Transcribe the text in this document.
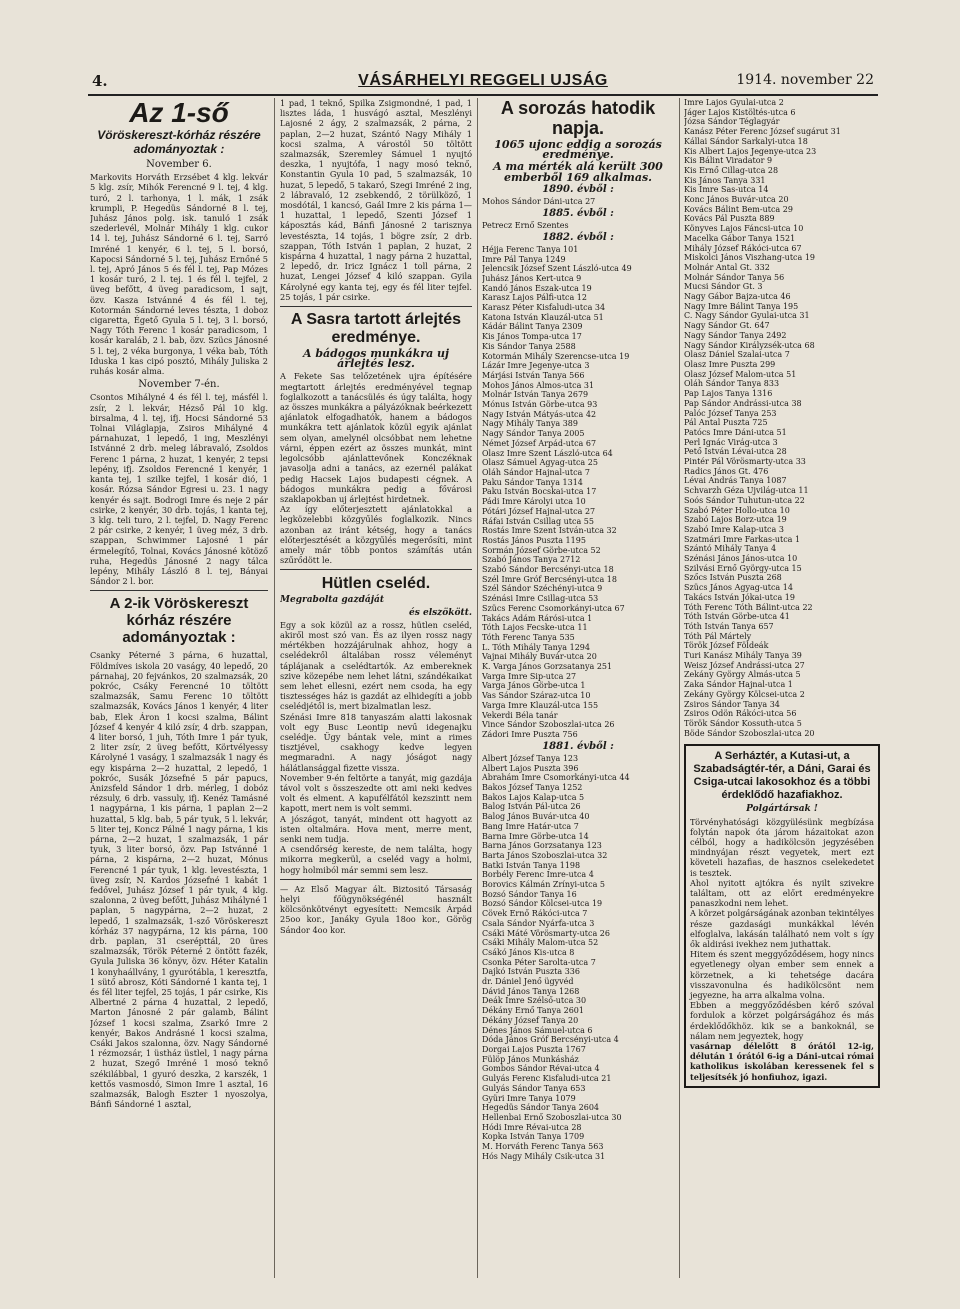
4.	VÁSÁRHELYI REGGELI UJSÁG	1914. november 22
Az 1-ső
Vöröskereszt-kórház részére adományoztak :
November 6.

Markovits Horváth Erzsébet 4 klg. lekvár 5 klg. zsír, Mihók Ferencné 9 l. tej, 4 klg. turó, 2 l. tarhonya, 1 l. mák, 1 zsák krumpli, P. Hegedüs Sándorné 8 l. tej, Juhász János polg. isk. tanuló 1 zsák szederlevél, Molnár Mihály 1 klg. cukor 14 l. tej, Juhász Sándorné 6 l. tej, Sarró Imréné 1 kenyér, 6 l. tej, 5 l. borsó, Kapocsi Sándorné 5 l. tej, Juhász Ernőné 5 l. tej, Apró János 5 és fél l. tej, Pap Mózes 1 kosár turó, 2 l. tej. 1 és fél l. tejfel, 2 üveg befőtt, 4 üveg paradicsom, 1 sajt, özv. Kasza Istvánné 4 és fél l. tej, Kotormán Sándorné leves tészta, 1 doboz cigaretta, Égető Gyula 5 l. tej, 3 l. borsó, Nagy Tóth Ferenc 1 kosár paradicsom, 1 kosár karaláb, 2 l. bab, özv. Szücs Jánosné 5 l. tej, 2 véka burgonya, 1 véka bab, Tóth Iduska 1 kas cipó posztó, Mihály Juliska 2 ruhás kosár alma.

November 7-én.

Csontos Mihályné 4 és fél l. tej, másfél l. zsír, 2 l. lekvár, Hézső Pál 10 klg. birsalma, 4 l. tej, ifj. Hocsi Sándorné 53 Tolnai Világlapja, Zsiros Mihályné 4 párnahuzat, 1 lepedő, 1 ing, Meszlényi Istvánné 2 drb. meleg lábravaló, Zsoldos Ferenc 1 párna, 2 huzat, 1 kenyér, 2 tepsi lepény, ifj. Zsoldos Ferencné 1 kenyér, 1 kanta tej, 1 szilke tejfel, 1 kosár dió, 1 kosár. Rózsa Sándor Egresi u. 23. 1 nagy kenyér és sajt. Bodrogi Imre és neje 2 pár csirke, 2 kenyér, 30 drb. tojás, 1 kanta tej, 3 klg. teli turo, 2 l. tejfel, D. Nagy Ferenc 2 pár csirke, 2 kenyér, 1 üveg méz, 3 drb. szappan, Schwimmer Lajosné 1 pár érmelegítő, Tolnai, Kovács Jánosné kötöző ruha, Hegedüs Jánosné 2 nagy tálca lepény, Mihály László 8 l. tej, Bányai Sándor 2 l. bor.

A 2-ik Vöröskereszt kórház részére adományoztak :

Csanky Péterné 3 párna, 6 huzattal, Földmíves iskola 20 vaságy, 40 lepedő, 20 párnahaj, 20 fejvánkos, 20 szalmazsák, 20 pokróc, Csáky Ferencné 10 töltött szalmazsák, Samu Ferenc 10 töltött szalmazsák, Kovács János 1 kenyér, 4 liter bab, Elek Áron 1 kocsi szalma, Bálint József 4 kenyér 4 kiló zsír, 4 drb. szappan, 4 liter borsó, 1 juh, Tóth Imre 1 pár tyuk, 2 liter zsír, 2 üveg befőtt, Körtvélyessy Károlyné 1 vaságy, 1 szalmazsák 1 nagy és egy kispárna 2—2 huzattal, 2 lepedő, 1 pokróc, Susák Józsefné 5 pár papucs, Ánizsfeld Sándor 1 drb. mérleg, 1 dobóz rézsuly, 6 drb. vassuly, ifj. Kenéz Tamásné 1 nagypárna, 1 kis párna, 1 paplan 2—2 huzattal, 5 klg. bab, 5 pár tyuk, 5 l. lekvár, 5 liter tej, Koncz Pálné 1 nagy párna, 1 kis párna, 2—2 huzat, 1 szalmazsák, 1 pár tyuk, 3 liter borsó, özv. Pap Istvánné 1 párna, 2 kispárna, 2—2 huzat, Mónus Ferencné 1 pár tyuk, 1 klg. levestészta, 1 üveg zsír, N. Kardos Józsefné 1 kabát 1 fedővel, Juhász József 1 pár tyuk, 4 klg. szalonna, 2 üveg befőtt, Juhász Mihályné 1 paplan, 5 nagypárna, 2—2 huzat, 2 lepedő, 1 szalmazsák, 1-sző Vöröskereszt kórház 37 nagypárna, 12 kis párna, 100 drb. paplan, 31 cserépttál, 20 üres szalmazsák, Török Péterné 2 öntött fazék, Gyula Juliska 36 könyv, özv. Héter Katalin 1 konyhaállvány, 1 gyurótábla, 1 keresztfa, 1 sütő abrosz, Kóti Sándorné 1 kanta tej, 1 és fél liter tejfel, 25 tojás, 1 pár csirke, Kis Albertné 2 párna 4 huzattal, 2 lepedő, Marton Jánosné 2 pár galamb, Bálint József 1 kocsi szalma, Zsarkó Imre 2 kenyér, Bakos Andrásné 1 kocsi szalma, Csáki Jakos szalonna, özv. Nagy Sándorné 1 rézmozsár, 1 üstház üstlel, 1 nagy párna 2 huzat, Szegő Imréné 1 mosó teknő székilábbal, 1 gyuró deszka, 2 karszék, 1 kettős vasmosdó, Simon Imre 1 asztal, 16 szalmazsák, Balogh Eszter 1 nyoszolya, Bánfi Sándorné 1 asztal,

1 pad, 1 teknő, Spilka Zsigmondné, 1 pad, 1 lisztes láda, 1 husvágó asztal, Meszlényi Lajosné 2 ágy, 2 szalmazsák, 2 párna, 2 paplan, 2—2 huzat, Szántó Nagy Mihály 1 kocsi szalma, A várostól 50 töltött szalmazsák, Szeremley Sámuel 1 nyujtó deszka, 1 nyujtófa, 1 nagy mosó teknő, Konstantin Gyula 10 pad, 5 szalmazsák, 10 huzat, 5 lepedő, 5 takaró, Szegi Imréné 2 ing, 2 lábravaló, 12 zsebkendő, 2 törülköző, 1 mosdótál, 1 kancsó, Gaál Imre 2 kis párna 1—1 huzattal, 1 lepedő, Szenti József 1 káposztás kád, Bánfi Jánosné 2 tarisznya levestészta, 14 tojás, 1 bögre zsír, 2 drb. szappan, Tóth István 1 paplan, 2 huzat, 2 kispárna 4 huzattal, 1 nagy párna 2 huzattal, 2 lepedő, dr. Iricz Ignácz 1 toll párna, 2 huzat, Lengei József 4 kiló szappan. Gyila Károlyné egy kanta tej, egy és fél liter tejfel. 25 tojás, 1 pár csirke.

A Sasra tartott árlejtés eredménye.
A bádogos munkákra uj árlejtés lesz.

A Fekete Sas telőzetének ujra építésére megtartott árlejtés eredményével tegnap foglalkozott a tanácsülés és úgy találta, hogy az összes munkákra a pályázóknak beérkezett ajánlatok elfogadhatók, hanem a bádogos munkákra tett ajánlatok közül egyik ajánlat sem olyan, amelynél olcsóbbat nem lehetne várni, éppen ezért az összes munkát, mint legolcsóbb ajánlattevőnek Konczéknak javasolja adni a tanács, az ezernél palákat pedig Hacsek Lajos budapesti cégnek. A bádogos munkákra pedig a fővárosi szaklapokban uj árlejtést hirdetnek.

Az így előterjesztett ajánlatokkal a legközelebbi közgyűlés foglalkozik. Nincs azonban az iránt kétség, hogy a tanács előterjesztését a közgyűlés megerősíti, mint amely már több pontos számítás után szűrődött le.

Hütlen cseléd.
Megrabolta gazdáját
és elszökött.

Egy a sok közül az a rossz, hütlen cseléd, akiről most szó van. És az ilyen rossz nagy mértékben hozzájárulnak ahhoz, hogy a cselédekről általában rossz véleményt táplájanak a cselédtartók. Az embereknek szive közepébe nem lehet látni, szándékaikat sem lehet ellesni, ezért nem csoda, ha egy tisztességes ház is gazdát az elhidegíti a jobb cselédjétől is, mert bizalmatlan lesz.

Szénási Imre 818 tanyaszám alatti lakosnak volt egy Busc Leontip nevű idegenajku cselédje. Ügy bántak vele, mint a rimes tisztjével, csakhogy kedve legyen megmaradni. A nagy jóságot nagy hálátlansággal fizette vissza.

November 9-én feltörte a tanyát, mig gazdája távol volt s összeszedte ott ami neki kedves volt és elment. A kapufélfától kezszintt nem kapott, mert nem is volt semmi.

A jószágot, tanyát, mindent ott hagyott az isten oltalmára. Hova ment, merre ment, senki nem tudja.

A csendőrség kereste, de nem találta, hogy mikorra megkerül, a cseléd vagy a holmi, hogy holmiból már semmi sem lesz.

— Az Első Magyar ált. Biztositó Társaság helyi főügynökségénél használt kölcsönkötvényt egyesített: Nemcsik Árpád 25oo kor., Janáky Gyula 18oo kor., Görög Sándor 4oo kor.

A sorozás hatodik napja.
1065 ujonc eddig a sorozás eredménye.
A ma mérték alá került 300 emberből 169 alkalmas.
1890. évből :
Mohos Sándor Dáni-utca 27
1885. évből :
Petrecz Ernő Szentes
1882. évből :
Héjja Ferenc Tanya 101
Imre Pál Tanya 1249
Jelencsik József Szent László-utca 49
Juhász János Kert-utca 9
Kandó János Észak-utca 19
Karasz Lajos Pálfi-utca 12
Karasz Péter Kisfaludi-utca 34
Katona István Klauzál-utca 51
Kádár Bálint Tanya 2309
Kis János Tompa-utca 17
Kis Sándor Tanya 2588
Kotormán Mihály Szerencse-utca 19
Lázár Imre Jegenye-utca 3
Márjási István Tanya 566
Mohos János Álmos-utca 31
Molnár István Tanya 2679
Mónus István Görbe-utca 93
Nagy István Mátyás-utca 42
Nagy Mihály Tanya 389
Nagy Sándor Tanya 2005
Német József Árpád-utca 67
Olasz Imre Szent László-utca 64
Olasz Sámuel Agyag-utca 25
Oláh Sándor Hajnal-utca 7
Paku Sándor Tanya 1314
Paku István Bocskai-utca 17
Pádi Imre Károlyi utca 10
Pótári József Hajnal-utca 27
Ráfai István Csillag utca 55
Rostás Imre Szent István-utca 32
Rostás János Puszta 1195
Sormán József Görbe-utca 52
Szabó János Tanya 2712
Szabó Sándor Bercsényi-utca 18
Szél Imre Gróf Bercsényi-utca 18
Szél Sándor Széchényi-utca 9
Szénási Imre Csillag-utca 53
Szücs Ferenc Csomorkányi-utca 67
Takács Ádám Rárósi-utca 1
Tóth Lajos Fecske-utca 11
Tóth Ferenc Tanya 535
L. Tóth Mihály Tanya 1294
Vajnai Mihály Buvár-utca 20
K. Varga János Gorzsatanya 251
Varga Imre Sip-utca 27
Varga János Görbe-utca 1
Vas Sándor Száraz-utca 10
Varga Imre Klauzál-utca 155
Vekerdi Béla tanár
Vince Sándor Szoboszlai-utca 26
Zádori Imre Puszta 756
1881. évből :
Albert József Tanya 123
Albert Lajos Puszta 396
Ábrahám Imre Csomorkányi-utca 44
Bakos József Tanya 1252
Bakos Lajos Kalap-utca 5
Balog István Pál-utca 26
Balog János Buvár-utca 40
Bang Imre Határ-utca 7
Barna Imre Görbe-utca 14
Barna János Gorzsatanya 123
Barta János Szoboszlai-utca 32
Batki István Tanya 1198
Borbély Ferenc Imre-utca 4
Borovics Kálmán Zrínyi-utca 5
Bozsó Sándor Tanya 16
Bozsó Sándor Kölcsei-utca 19
Cövek Ernő Rákóci-utca 7
Csala Sándor Nyárfa-utca 3
Csáki Máté Vörösmarty-utca 26
Csáki Mihály Malom-utca 52
Csákó János Kis-utca 8
Csonka Péter Sarolta-utca 7
Dajkó István Puszta 336
dr. Dániel Jenő ügyvéd
Dávid János Tanya 1268
Deák Imre Szélső-utca 30
Dékány Ernő Tanya 2601
Dékány József Tanya 20
Dénes János Sámuel-utca 6
Dóda János Gróf Bercsényi-utca 4
Dorgai Lajos Puszta 1767
Fülöp János Munkásház
Gombos Sándor Révai-utca 4
Gulyás Ferenc Kisfaludi-utca 21
Gulyás Sándor Tanya 653
Gyüri Imre Tanya 1079
Hegedüs Sándor Tanya 2604
Hellenbai Ernő Szoboszlai-utca 30
Hódi Imre Révai-utca 28
Kopka István Tanya 1709
M. Horváth Ferenc Tanya 563
Hós Nagy Mihály Csik-utca 31
Imre Lajos Gyulai-utca 2
Jáger Lajos Kistöltés-utca 6
Józsa Sándor Téglagyár
Kanász Péter Ferenc József sugárut 31
Kállai Sándor Sarkalyi-utca 18
Kis Albert Lajos Jegenye-utca 23
Kis Bálint Viradator 9
Kis Ernő Cillag-utca 28
Kis János Tanya 331
Kis Imre Sas-utca 14
Konc János Buvár-utca 20
Kovács Bálint Bem-utca 29
Kovács Pál Puszta 889
Könyves Lajos Fáncsi-utca 10
Macelka Gábor Tanya 1521
Mihály József Rákóci-utca 67
Miskolci János Viszhang-utca 19
Molnár Antal Gt. 332
Molnár Sándor Tanya 56
Mucsi Sándor Gt. 3
Nagy Gábor Bajza-utca 46
Nagy Imre Bálint Tanya 195
C. Nagy Sándor Gyulai-utca 31
Nagy Sándor Gt. 647
Nagy Sándor Tanya 2492
Nagy Sándor Királyzsék-utca 68
Olasz Dániel Szalai-utca 7
Olasz Imre Puszta 299
Olasz József Malom-utca 51
Oláh Sándor Tanya 833
Pap Lajos Tanya 1316
Pap Sándor Andrássi-utca 38
Palóc József Tanya 253
Pál Antal Puszta 725
Patócs Imre Dáni-utca 51
Perl Ignác Virág-utca 3
Pető István Lévai-utca 28
Pintér Pál Vörösmarty-utca 33
Radics János Gt. 476
Lévai András Tanya 1087
Schvarzh Géza Ujvilág-utca 11
Soós Sándor Tuhutun-utca 22
Szabó Péter Hollo-utca 10
Szabó Lajos Borz-utca 19
Szabó Imre Kalap-utca 3
Szatmári Imre Farkas-utca 1
Szántó Mihály Tanya 4
Szénási János János-utca 10
Szilvási Ernő György-utca 15
Szőcs István Puszta 268
Szücs János Agyag-utca 14
Takács István Jókai-utca 19
Tóth Ferenc Tóth Bálint-utca 22
Tóth István Görbe-utca 41
Tóth István Tanya 657
Tóth Pál Mártely
Török József Földeák
Turi Kanász Mihály Tanya 39
Weisz József Andrássi-utca 27
Zekány György Almás-utca 5
Zaka Sándor Hajnal-utca 1
Zekány György Kölcsei-utca 2
Zsiros Sándor Tanya 34
Zsiros Ödön Rákóci-utca 56
Török Sándor Kossuth-utca 5
Böde Sándor Szoboszlai-utca 20
A Serháztér, a Kutasi-ut, a Szabadságtér-tér, a Dáni, Garai és Csiga-utcai lakosokhoz és a többi érdeklődő hazafiakhoz.
Polgártársak !

Törvényhatósági közgyülésünk megbízása folytán napok óta járom házaitokat azon célból, hogy a hadikölcsön jegyzésében mindnyájan részt vegyetek, mert ezt követeli hazafias, de hasznos cselekedetet is tesztek.

Ahol nyitott ajtókra és nyilt szivekre találtam, ott az előrt eredményekre panaszkodni nem lehet.

A körzet polgárságának azonban tekintélyes része gazdasági munkákkal lévén elfoglalva, lakásán található nem volt s így ők aldirási ivekhez nem juthattak.

Hitem és szent meggyőződésem, hogy nincs egyetlenegy olyan ember sem ennek a körzetnek, a ki tehetsége dacára visszavonulna és hadikölcsönt nem jegyezne, ha arra alkalma volna.

Ebben a meggyőződésben kérő szóval fordulok a körzet polgárságához és más érdeklődőkhöz. kik se a bankoknál, se nálam nem jegyeztek, hogy

vasárnap délelőtt 8 órától 12-ig, délután 1 órától 6-ig a Dáni-utcai római katholikus iskolában keressenek fel s teljesítsék jó honfiuhoz, igazi.
